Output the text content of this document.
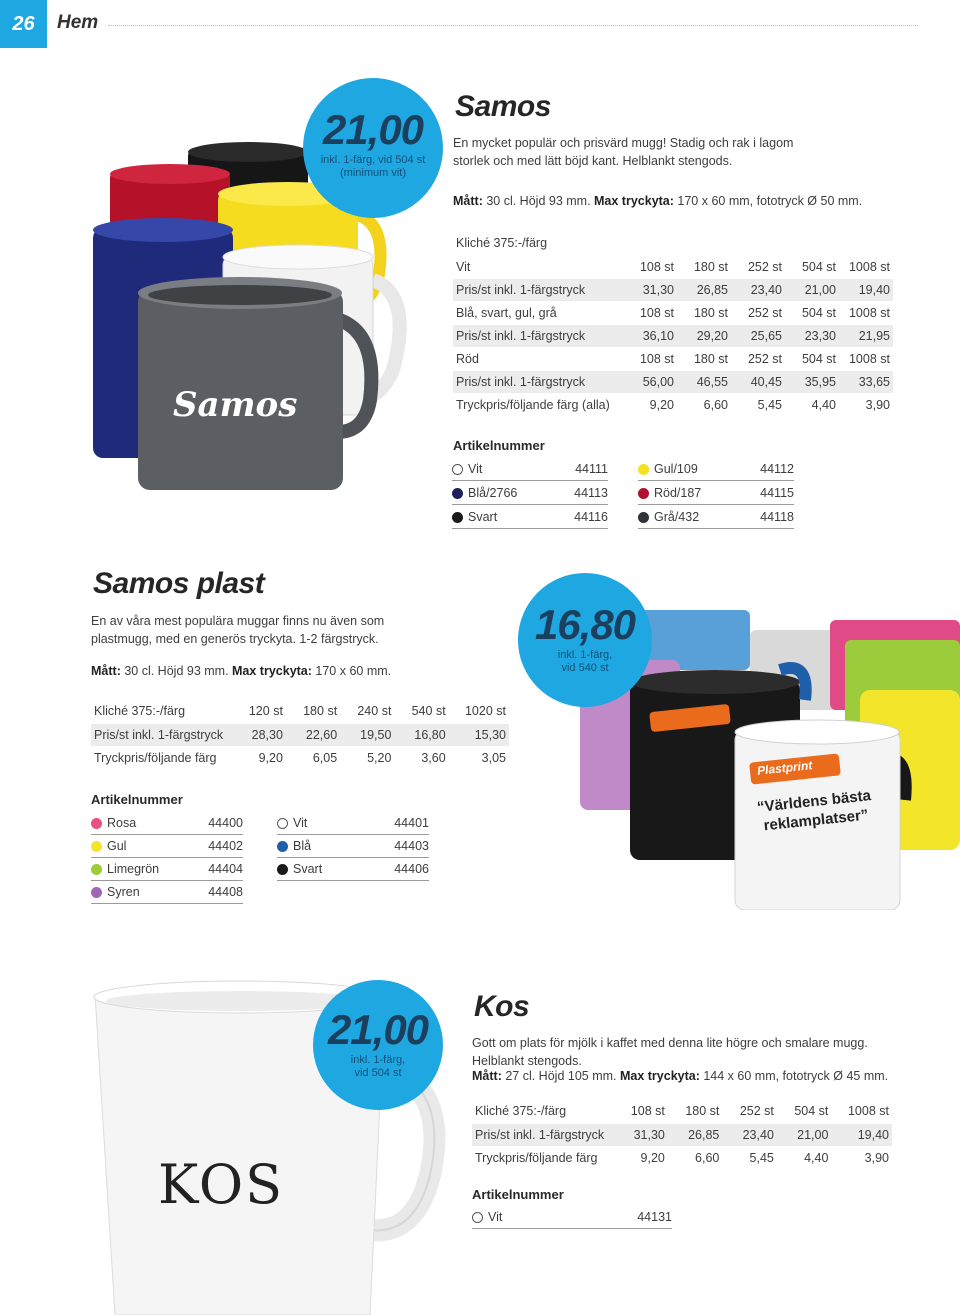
26	Hem
Samos
21,00
inkl. 1-färg, vid 504 st
(minimum vit)
Samos
En mycket populär och prisvärd mugg! Stadig och rak i lagom storlek och med lätt böjd kant. Helblankt stengods.
Mått: 30 cl. Höjd 93 mm. Max tryckyta: 170 x 60 mm, fototryck Ø 50 mm.
Kliché 375:-/färg					
Vit	108 st	180 st	252 st	504 st	1008 st
Pris/st inkl. 1-färgstryck	31,30	26,85	23,40	21,00	19,40
Blå, svart, gul, grå	108 st	180 st	252 st	504 st	1008 st
Pris/st inkl. 1-färgstryck	36,10	29,20	25,65	23,30	21,95
Röd	108 st	180 st	252 st	504 st	1008 st
Pris/st inkl. 1-färgstryck	56,00	46,55	40,45	35,95	33,65
Tryckpris/följande färg (alla)	9,20	6,60	5,45	4,40	3,90
Artikelnummer
Vit	44111	Gul/109	44112
Blå/2766	44113	Röd/187	44115
Svart	44116	Grå/432	44118
Samos plast
En av våra mest populära muggar finns nu även som plastmugg, med en generös tryckyta. 1-2 färgstryck.
Mått: 30 cl. Höjd 93 mm. Max tryckyta: 170 x 60 mm.
Kliché 375:-/färg	120 st	180 st	240 st	540 st	1020 st
Pris/st inkl. 1-färgstryck	28,30	22,60	19,50	16,80	15,30
Tryckpris/följande färg	9,20	6,05	5,20	3,60	3,05
Artikelnummer
Rosa	44400	Vit	44401
Gul	44402	Blå	44403
Limegrön	44404	Svart	44406
Syren	44408
Plastprint
“Världens bästa reklamplatser”
16,80
inkl. 1-färg,
vid 540 st
KOS
21,00
inkl. 1-färg,
vid 504 st
Kos
Gott om plats för mjölk i kaffet med denna lite högre och smalare mugg. Helblankt stengods.
Mått: 27 cl. Höjd 105 mm. Max tryckyta: 144 x 60 mm, fototryck Ø 45 mm.
Kliché 375:-/färg	108 st	180 st	252 st	504 st	1008 st
Pris/st inkl. 1-färgstryck	31,30	26,85	23,40	21,00	19,40
Tryckpris/följande färg	9,20	6,60	5,45	4,40	3,90
Artikelnummer
Vit	44131
